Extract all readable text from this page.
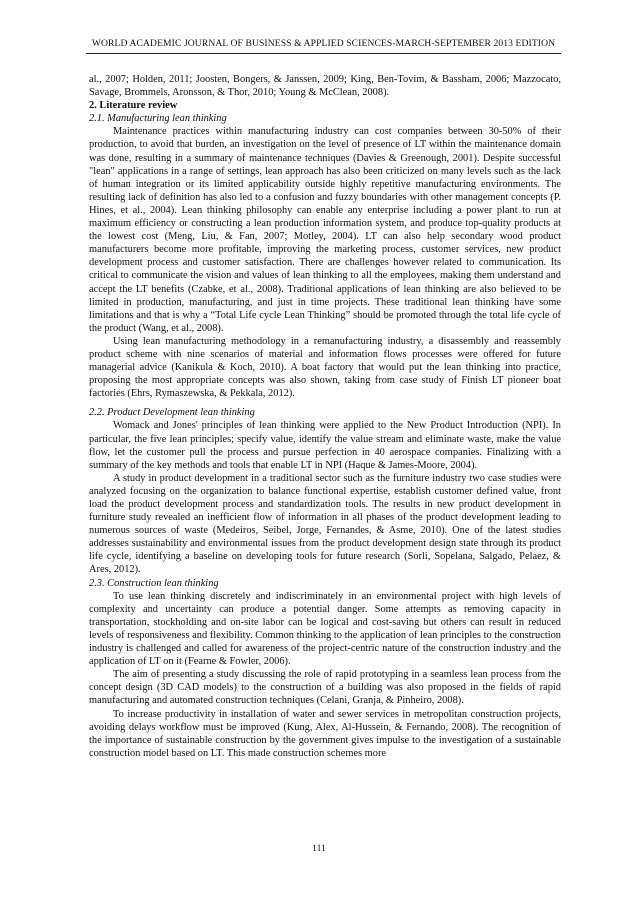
WORLD ACADEMIC JOURNAL OF BUSINESS & APPLIED SCIENCES-MARCH-SEPTEMBER 2013 EDITION

al., 2007; Holden, 2011; Joosten, Bongers, & Janssen, 2009; King, Ben-Tovim, & Bassham, 2006; Mazzocato, Savage, Brommels, Aronsson, & Thor, 2010; Young & McClean, 2008).

2. Literature review

2.1. Manufacturing lean thinking

Maintenance practices within manufacturing industry can cost companies between 30-50% of their production, to avoid that burden, an investigation on the level of presence of LT within the maintenance domain was done, resulting in a summary of maintenance techniques (Davies & Greenough, 2001). Despite successful "lean" applications in a range of settings, lean approach has also been criticized on many levels such as the lack of human integration or its limited applicability outside highly repetitive manufacturing environments. The resulting lack of definition has also led to a confusion and fuzzy boundaries with other management concepts (P. Hines, et al., 2004). Lean thinking philosophy can enable any enterprise including a power plant to run at maximum efficiency or constructing a lean production information system, and produce top-quality products at the lowest cost (Meng, Liu, & Fan, 2007; Motley, 2004). LT can also help secondary wood product manufacturers become more profitable, improving the marketing process, customer services, new product development process and customer satisfaction. There are challenges however related to communication. Its critical to communicate the vision and values of lean thinking to all the employees, making them understand and accept the LT benefits (Czabke, et al., 2008). Traditional applications of lean thinking are also believed to be limited in production, manufacturing, and just in time projects. These traditional lean thinking have some limitations and that is why a “Total Life cycle Lean Thinking” should be promoted through the total life cycle of the product (Wang, et al., 2008).

Using lean manufacturing methodology in a remanufacturing industry, a disassembly and reassembly product scheme with nine scenarios of material and information flows processes were offered for future managerial advice (Kanikula & Koch, 2010). A boat factory that would put the lean thinking into practice, proposing the most appropriate concepts was also shown, taking from case study of Finish LT pioneer boat factories (Ehrs, Rymaszewska, & Pekkala, 2012).

2.2. Product Development lean thinking

Womack and Jones' principles of lean thinking were applied to the New Product Introduction (NPI). In particular, the five lean principles; specify value, identify the value stream and eliminate waste, make the value flow, let the customer pull the process and pursue perfection in 40 aerospace companies. Finalizing with a summary of the key methods and tools that enable LT in NPI (Haque & James-Moore, 2004).

A study in product development in a traditional sector such as the furniture industry two case studies were analyzed focusing on the organization to balance functional expertise, establish customer defined value, front load the product development process and standardization tools. The results in new product development in furniture study revealed an inefficient flow of information in all phases of the product development leading to numerous sources of waste (Medeiros, Seibel, Jorge, Fernandes, & Asme, 2010). One of the latest studies addresses sustainability and environmental issues from the product development design state through its product life cycle, identifying a baseline on developing tools for future research (Sorli, Sopelana, Salgado, Pelaez, & Ares, 2012).

2.3. Construction lean thinking

To use lean thinking discretely and indiscriminately in an environmental project with high levels of complexity and uncertainty can produce a potential danger. Some attempts as removing capacity in transportation, stockholding and on-site labor can be logical and cost-saving but others can result in reduced levels of responsiveness and flexibility. Common thinking to the application of lean principles to the construction industry is challenged and called for awareness of the project-centric nature of the construction industry and the application of LT on it (Fearne & Fowler, 2006).

The aim of presenting a study discussing the role of rapid prototyping in a seamless lean process from the concept design (3D CAD models) to the construction of a building was also proposed in the fields of rapid manufacturing and automated construction techniques (Celani, Granja, & Pinheiro, 2008).

To increase productivity in installation of water and sewer services in metropolitan construction projects, avoiding delays workflow must be improved (Kung, Alex, Al-Hussein, & Fernando, 2008). The recognition of the importance of sustainable construction by the government gives impulse to the investigation of a sustainable construction model based on LT. This made construction schemes more

111
